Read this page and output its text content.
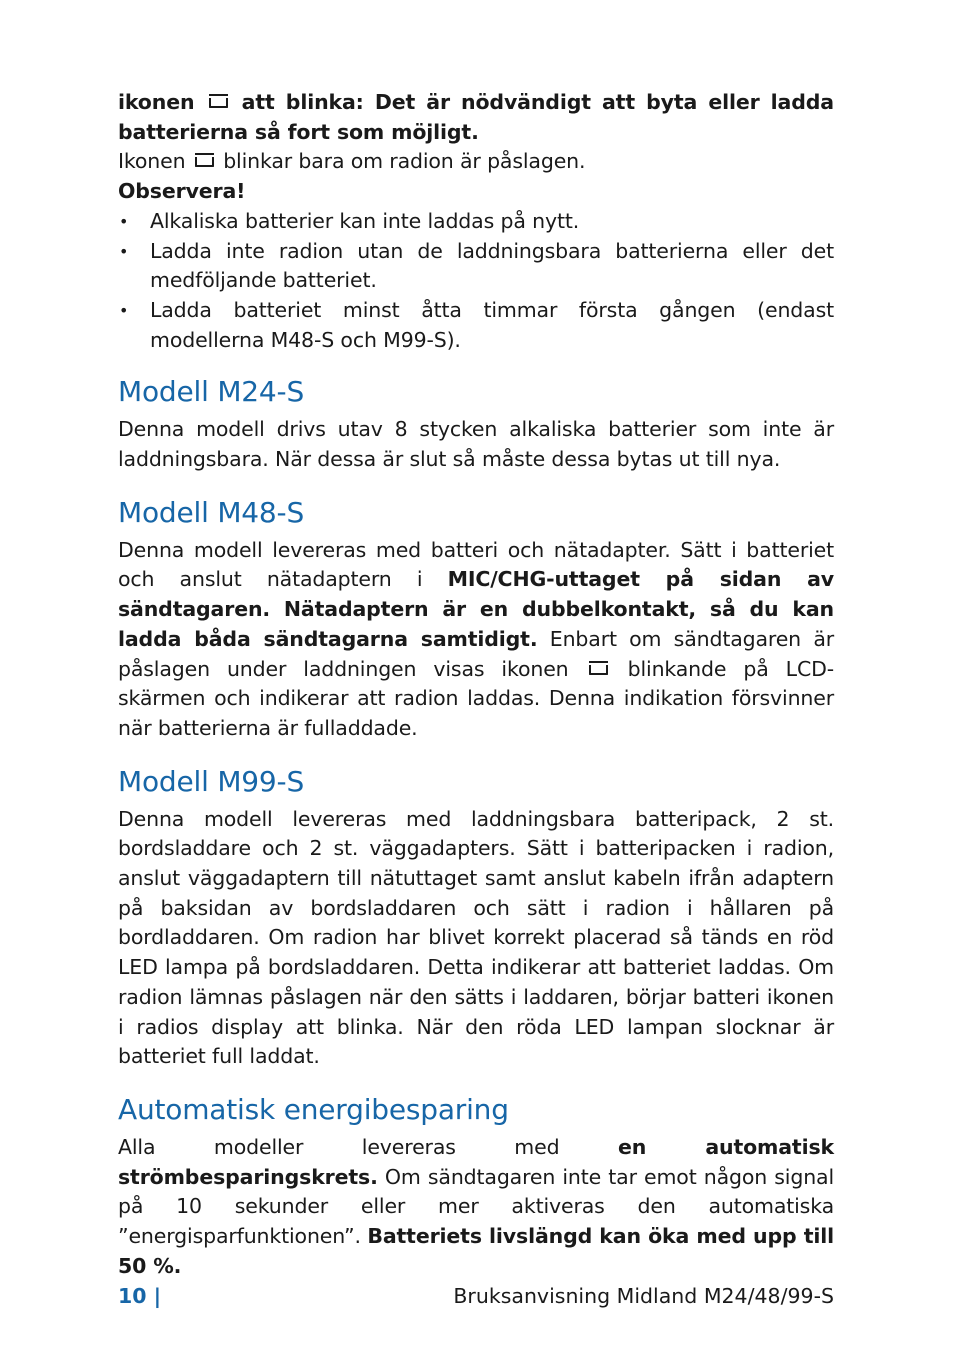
ikonen att blinka: Det är nödvändigt att byta eller ladda batterierna så fort som möjligt.

Ikonen blinkar bara om radion är påslagen.

Observera!

• Alkaliska batterier kan inte laddas på nytt.
• Ladda inte radion utan de laddningsbara batterierna eller det medföljande batteriet.
• Ladda batteriet minst åtta timmar första gången (endast modellerna M48-S och M99-S).
Modell M24-S

Denna modell drivs utav 8 stycken alkaliska batterier som inte är laddningsbara. När dessa är slut så måste dessa bytas ut till nya.

Modell M48-S

Denna modell levereras med batteri och nätadapter. Sätt i batteriet och anslut nätadaptern i MIC/CHG-uttaget på sidan av sändtagaren. Nätadaptern är en dubbelkontakt, så du kan ladda båda sändtagarna samtidigt. Enbart om sändtagaren är påslagen under laddningen visas ikonen	blinkande på LCD-skärmen och indikerar att radion laddas. Denna indikation försvinner när batterierna är fulladdade.

Modell M99-S

Denna modell levereras med laddningsbara batteripack, 2 st. bordsladdare och 2 st. väggadapters. Sätt i batteripacken i radion, anslut väggadaptern till nätuttaget samt anslut kabeln ifrån adaptern på baksidan av bordsladdaren och sätt i radion i hållaren på bordladdaren. Om radion har blivet korrekt placerad så tänds en röd LED lampa på bordsladdaren. Detta indikerar att batteriet laddas. Om radion lämnas påslagen när den sätts i laddaren, börjar batteri ikonen i radios display att blinka. När den röda LED lampan slocknar är batteriet full laddat.

Automatisk energibesparing

Alla modeller levereras med en automatisk strömbesparingskrets. Om sändtagaren inte tar emot någon signal på 10 sekunder eller mer aktiveras den automatiska ”energisparfunktionen”. Batteriets livslängd kan öka med upp till 50 %.

10 |	Bruksanvisning Midland M24/48/99-S
